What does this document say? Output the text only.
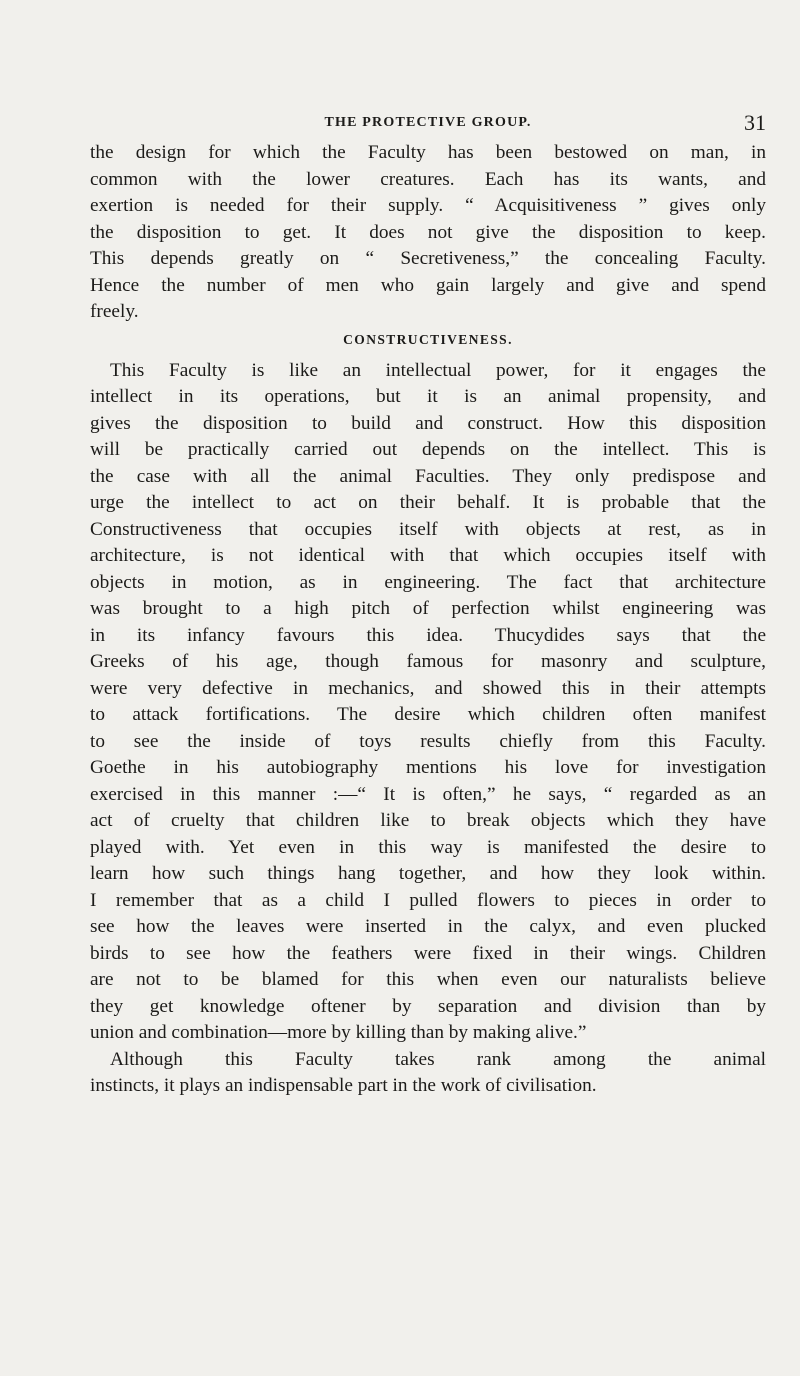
THE PROTECTIVE GROUP.	31
the design for which the Faculty has been bestowed on man, in
common with the lower creatures. Each has its wants, and
exertion is needed for their supply. “ Acquisitiveness ” gives only
the disposition to get. It does not give the disposition to keep.
This depends greatly on “ Secretiveness,” the concealing Faculty.
Hence the number of men who gain largely and give and spend
freely.
CONSTRUCTIVENESS.
This Faculty is like an intellectual power, for it engages the
intellect in its operations, but it is an animal propensity, and
gives the disposition to build and construct. How this disposition
will be practically carried out depends on the intellect. This is
the case with all the animal Faculties. They only predispose and
urge the intellect to act on their behalf. It is probable that the
Constructiveness that occupies itself with objects at rest, as in
architecture, is not identical with that which occupies itself with
objects in motion, as in engineering. The fact that architecture
was brought to a high pitch of perfection whilst engineering was
in its infancy favours this idea. Thucydides says that the
Greeks of his age, though famous for masonry and sculpture,
were very defective in mechanics, and showed this in their attempts
to attack fortifications. The desire which children often manifest
to see the inside of toys results chiefly from this Faculty.
Goethe in his autobiography mentions his love for investigation
exercised in this manner :—“ It is often,” he says, “ regarded as an
act of cruelty that children like to break objects which they have
played with. Yet even in this way is manifested the desire to
learn how such things hang together, and how they look within.
I remember that as a child I pulled flowers to pieces in order to
see how the leaves were inserted in the calyx, and even plucked
birds to see how the feathers were fixed in their wings. Children
are not to be blamed for this when even our naturalists believe
they get knowledge oftener by separation and division than by
union and combination—more by killing than by making alive.”
Although this Faculty takes rank among the animal
instincts, it plays an indispensable part in the work of civilisation.
